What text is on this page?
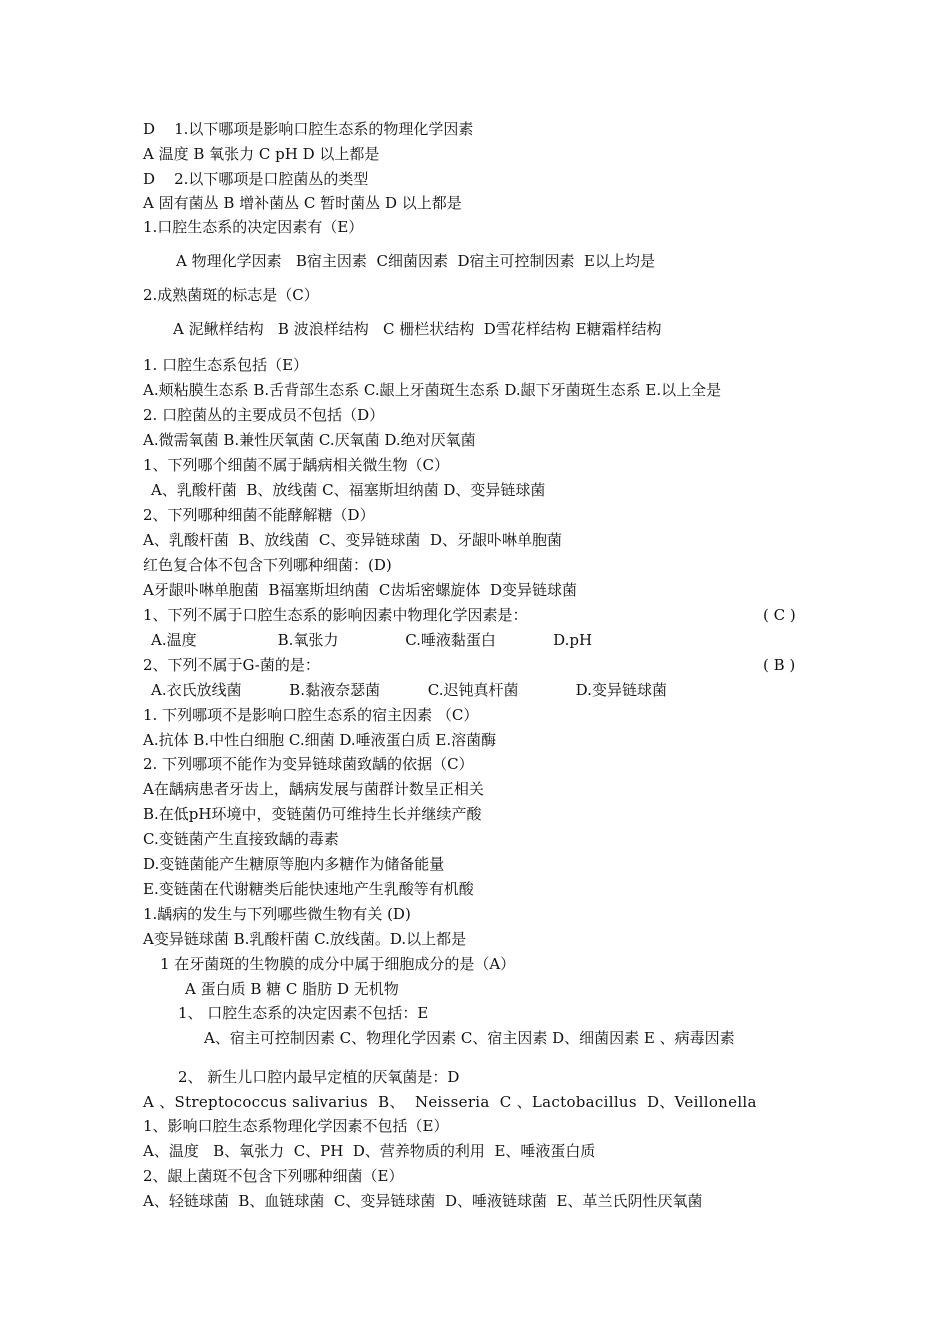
D    1.以下哪项是影响口腔生态系的物理化学因素
A 温度 B 氧张力 C pH D 以上都是
D    2.以下哪项是口腔菌丛的类型
A 固有菌丛 B 增补菌丛 C 暂时菌丛 D 以上都是
1.口腔生态系的决定因素有（E）
A 物理化学因素   B宿主因素  C细菌因素  D宿主可控制因素  E以上均是
2.成熟菌斑的标志是（C）
A 泥鳅样结构   B 波浪样结构   C 栅栏状结构  D雪花样结构 E糖霜样结构
1. 口腔生态系包括（E）
A.颊粘膜生态系 B.舌背部生态系 C.龈上牙菌斑生态系 D.龈下牙菌斑生态系 E.以上全是
2. 口腔菌丛的主要成员不包括（D）
A.微需氧菌 B.兼性厌氧菌 C.厌氧菌 D.绝对厌氧菌
1、下列哪个细菌不属于龋病相关微生物（C）
A、乳酸杆菌  B、放线菌 C、福塞斯坦纳菌 D、变异链球菌
2、下列哪种细菌不能酵解糖（D）
A、乳酸杆菌  B、放线菌  C、变异链球菌  D、牙龈卟啉单胞菌
红色复合体不包含下列哪种细菌：(D)
A牙龈卟啉单胞菌  B福塞斯坦纳菌  C齿垢密螺旋体  D变异链球菌
1、下列不属于口腔生态系的影响因素中物理化学因素是：	( C )
A.温度                 B.氧张力              C.唾液黏蛋白            D.pH
2、下列不属于G-菌的是：	( B )
A.衣氏放线菌          B.黏液奈瑟菌          C.迟钝真杆菌            D.变异链球菌
1. 下列哪项不是影响口腔生态系的宿主因素 （C）
A.抗体 B.中性白细胞 C.细菌 D.唾液蛋白质 E.溶菌酶
2. 下列哪项不能作为变异链球菌致龋的依据（C）
A在龋病患者牙齿上，龋病发展与菌群计数呈正相关
B.在低pH环境中，变链菌仍可维持生长并继续产酸
C.变链菌产生直接致龋的毒素
D.变链菌能产生糖原等胞内多糖作为储备能量
E.变链菌在代谢糖类后能快速地产生乳酸等有机酸
1.龋病的发生与下列哪些微生物有关 (D)
A变异链球菌 B.乳酸杆菌 C.放线菌。D.以上都是
1 在牙菌斑的生物膜的成分中属于细胞成分的是（A）
A 蛋白质 B 糖 C 脂肪 D 无机物
1、 口腔生态系的决定因素不包括：E
A、宿主可控制因素 C、物理化学因素 C、宿主因素 D、细菌因素 E 、病毒因素
2、 新生儿口腔内最早定植的厌氧菌是：D
A 、Streptococcus salivarius  B、  Neisseria  C 、Lactobacillus  D、Veillonella
1、影响口腔生态系物理化学因素不包括（E）
A、温度   B、氧张力  C、PH  D、营养物质的利用  E、唾液蛋白质
2、龈上菌斑不包含下列哪种细菌（E）
A、轻链球菌  B、血链球菌  C、变异链球菌  D、唾液链球菌  E、革兰氏阴性厌氧菌
